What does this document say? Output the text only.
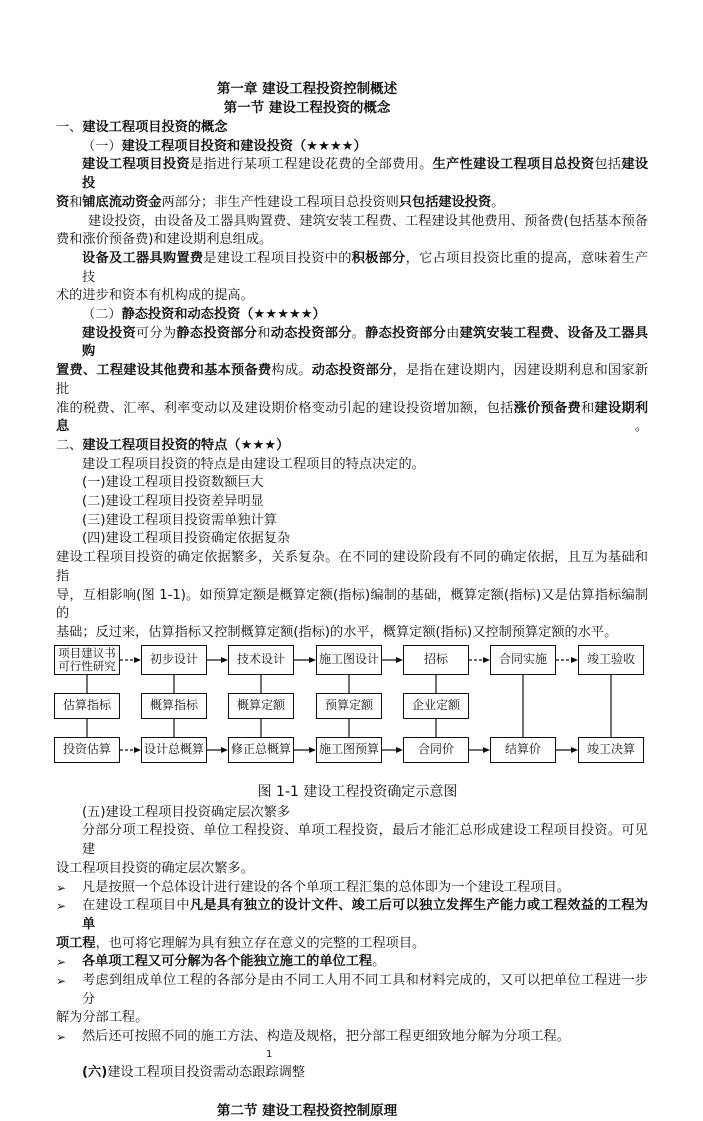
第一章 建设工程投资控制概述
第一节 建设工程投资的概念
一、建设工程项目投资的概念
（一）建设工程项目投资和建设投资（★★★★）
建设工程项目投资是指进行某项工程建设花费的全部费用。生产性建设工程项目总投资包括建设投
资和铺底流动资金两部分；非生产性建设工程项目总投资则只包括建设投资。
建设投资，由设备及工器具购置费、建筑安装工程费、工程建设其他费用、预备费(包括基本预备
费和涨价预备费)和建设期利息组成。
设备及工器具购置费是建设工程项目投资中的积极部分，它占项目投资比重的提高，意味着生产技
术的进步和资本有机构成的提高。
（二）静态投资和动态投资（★★★★★）
建设投资可分为静态投资部分和动态投资部分。静态投资部分由建筑安装工程费、设备及工器具购
置费、工程建设其他费和基本预备费构成。动态投资部分，是指在建设期内，因建设期利息和国家新批
准的税费、汇率、利率变动以及建设期价格变动引起的建设投资增加额，包括涨价预备费和建设期利息。
二、建设工程项目投资的特点（★★★）
建设工程项目投资的特点是由建设工程项目的特点决定的。
(一)建设工程项目投资数额巨大
(二)建设工程项目投资差异明显
(三)建设工程项目投资需单独计算
(四)建设工程项目投资确定依据复杂
建设工程项目投资的确定依据繁多，关系复杂。在不同的建设阶段有不同的确定依据，且互为基础和指
导，互相影响(图 1-1)。如预算定额是概算定额(指标)编制的基础，概算定额(指标)又是估算指标编制的
基础；反过来，估算指标又控制概算定额(指标)的水平，概算定额(指标)又控制预算定额的水平。
项目建议书可行性研究	初步设计	技术设计	施工图设计	招标	合同实施	竣工验收
估算指标	概算指标	概算定额	预算定额	企业定额
投资估算	设计总概算 修正总概算 施工图预算	合同价	结算价	竣工决算
图 1-1 建设工程投资确定示意图
(五)建设工程项目投资确定层次繁多
分部分项工程投资、单位工程投资、单项工程投资，最后才能汇总形成建设工程项目投资。可见建
设工程项目投资的确定层次繁多。
➢	凡是按照一个总体设计进行建设的各个单项工程汇集的总体即为一个建设工程项目。
➢	在建设工程项目中凡是具有独立的设计文件、竣工后可以独立发挥生产能力或工程效益的工程为单
项工程，也可将它理解为具有独立存在意义的完整的工程项目。
➢	各单项工程又可分解为各个能独立施工的单位工程。
➢	考虑到组成单位工程的各部分是由不同工人用不同工具和材料完成的，又可以把单位工程进一步分
解为分部工程。
➢	然后还可按照不同的施工方法、构造及规格，把分部工程更细致地分解为分项工程。
1
(六)建设工程项目投资需动态跟踪调整
第二节 建设工程投资控制原理
